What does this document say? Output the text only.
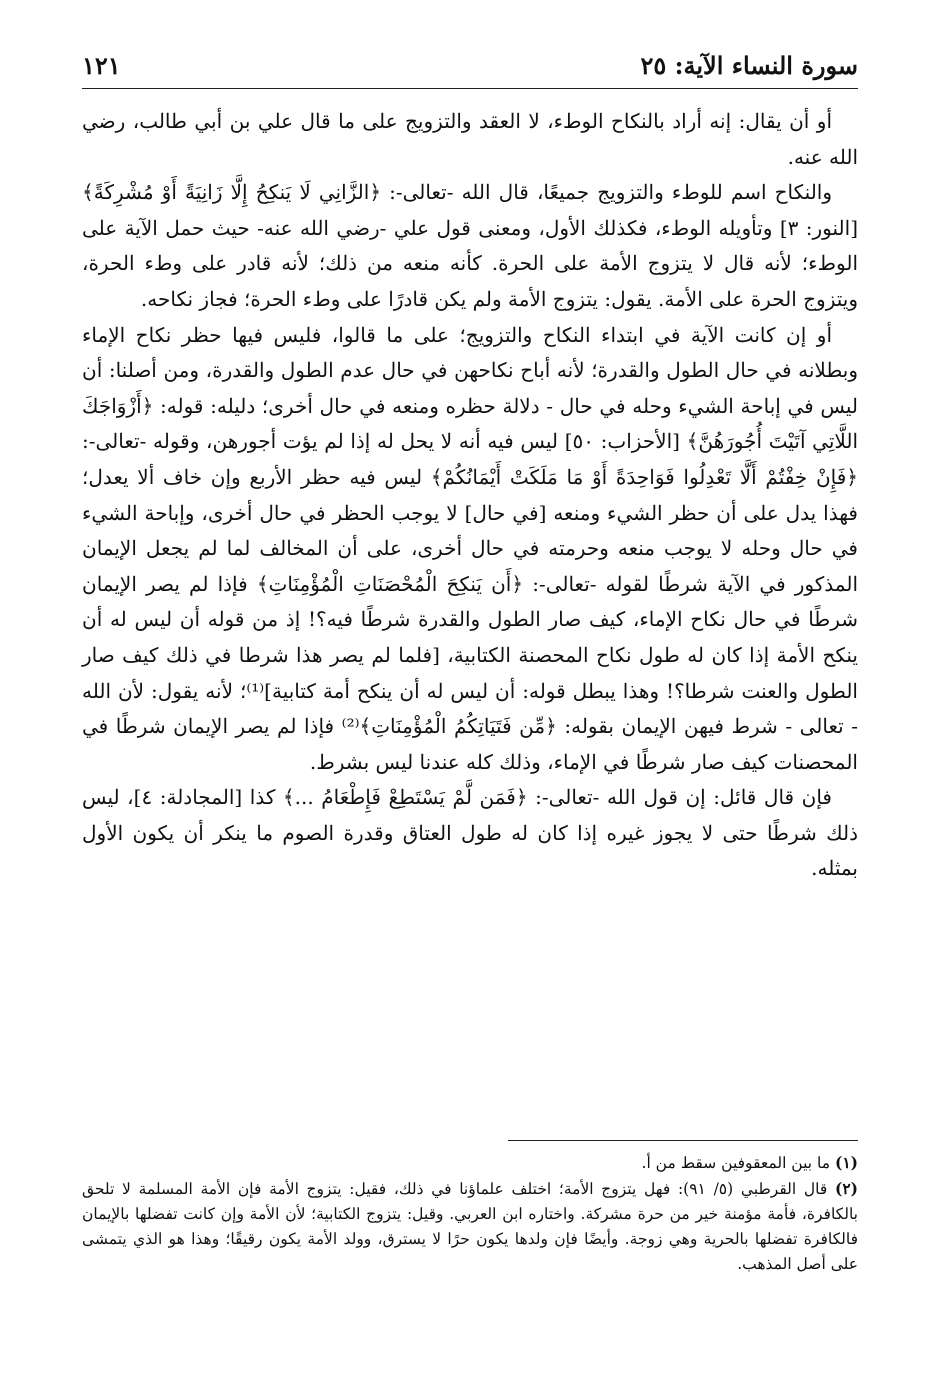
سورة النساء الآية: ٢٥
١٢١

أو أن يقال: إنه أراد بالنكاح الوطء، لا العقد والتزويج على ما قال علي بن أبي طالب، رضي الله عنه.

والنكاح اسم للوطء والتزويج جميعًا، قال الله -تعالى-: ﴿الزَّانِي لَا يَنكِحُ إِلَّا زَانِيَةً أَوْ مُشْرِكَةً﴾ [النور: ٣] وتأويله الوطء، فكذلك الأول، ومعنى قول علي -رضي الله عنه- حيث حمل الآية على الوطء؛ لأنه قال لا يتزوج الأمة على الحرة. كأنه منعه من ذلك؛ لأنه قادر على وطء الحرة، ويتزوج الحرة على الأمة. يقول: يتزوج الأمة ولم يكن قادرًا على وطء الحرة؛ فجاز نكاحه.

أو إن كانت الآية في ابتداء النكاح والتزويج؛ على ما قالوا، فليس فيها حظر نكاح الإماء وبطلانه في حال الطول والقدرة؛ لأنه أباح نكاحهن في حال عدم الطول والقدرة، ومن أصلنا: أن ليس في إباحة الشيء وحله في حال - دلالة حظره ومنعه في حال أخرى؛ دليله: قوله: ﴿أَزْوَاجَكَ اللَّاتِي آتَيْتَ أُجُورَهُنَّ﴾ [الأحزاب: ٥٠] ليس فيه أنه لا يحل له إذا لم يؤت أجورهن، وقوله -تعالى-: ﴿فَإِنْ خِفْتُمْ أَلَّا تَعْدِلُوا فَوَاحِدَةً أَوْ مَا مَلَكَتْ أَيْمَانُكُمْ﴾ ليس فيه حظر الأربع وإن خاف ألا يعدل؛ فهذا يدل على أن حظر الشيء ومنعه [في حال] لا يوجب الحظر في حال أخرى، وإباحة الشيء في حال وحله لا يوجب منعه وحرمته في حال أخرى، على أن المخالف لما لم يجعل الإيمان المذكور في الآية شرطًا لقوله -تعالى-: ﴿أَن يَنكِحَ الْمُحْصَنَاتِ الْمُؤْمِنَاتِ﴾ فإذا لم يصر الإيمان شرطًا في حال نكاح الإماء، كيف صار الطول والقدرة شرطًا فيه؟! إذ من قوله أن ليس له أن ينكح الأمة إذا كان له طول نكاح المحصنة الكتابية، [فلما لم يصر هذا شرطا في ذلك كيف صار الطول والعنت شرطا؟! وهذا يبطل قوله: أن ليس له أن ينكح أمة كتابية]⁽¹⁾؛ لأنه يقول: لأن الله - تعالى - شرط فيهن الإيمان بقوله: ﴿مِّن فَتَيَاتِكُمُ الْمُؤْمِنَاتِ﴾⁽²⁾ فإذا لم يصر الإيمان شرطًا في المحصنات كيف صار شرطًا في الإماء، وذلك كله عندنا ليس بشرط.

فإن قال قائل: إن قول الله -تعالى-: ﴿فَمَن لَّمْ يَسْتَطِعْ فَإِطْعَامُ ...﴾ كذا [المجادلة: ٤]، ليس ذلك شرطًا حتى لا يجوز غيره إذا كان له طول العتاق وقدرة الصوم ما ينكر أن يكون الأول بمثله.

(١) ما بين المعقوفين سقط من أ.

(٢) قال القرطبي (٥/ ٩١): فهل يتزوج الأمة؛ اختلف علماؤنا في ذلك، فقيل: يتزوج الأمة فإن الأمة المسلمة لا تلحق بالكافرة، فأمة مؤمنة خير من حرة مشركة. واختاره ابن العربي. وقيل: يتزوج الكتابية؛ لأن الأمة وإن كانت تفضلها بالإيمان فالكافرة تفضلها بالحرية وهي زوجة. وأيضًا فإن ولدها يكون حرًا لا يسترق، وولد الأمة يكون رقيقًا؛ وهذا هو الذي يتمشى على أصل المذهب.
